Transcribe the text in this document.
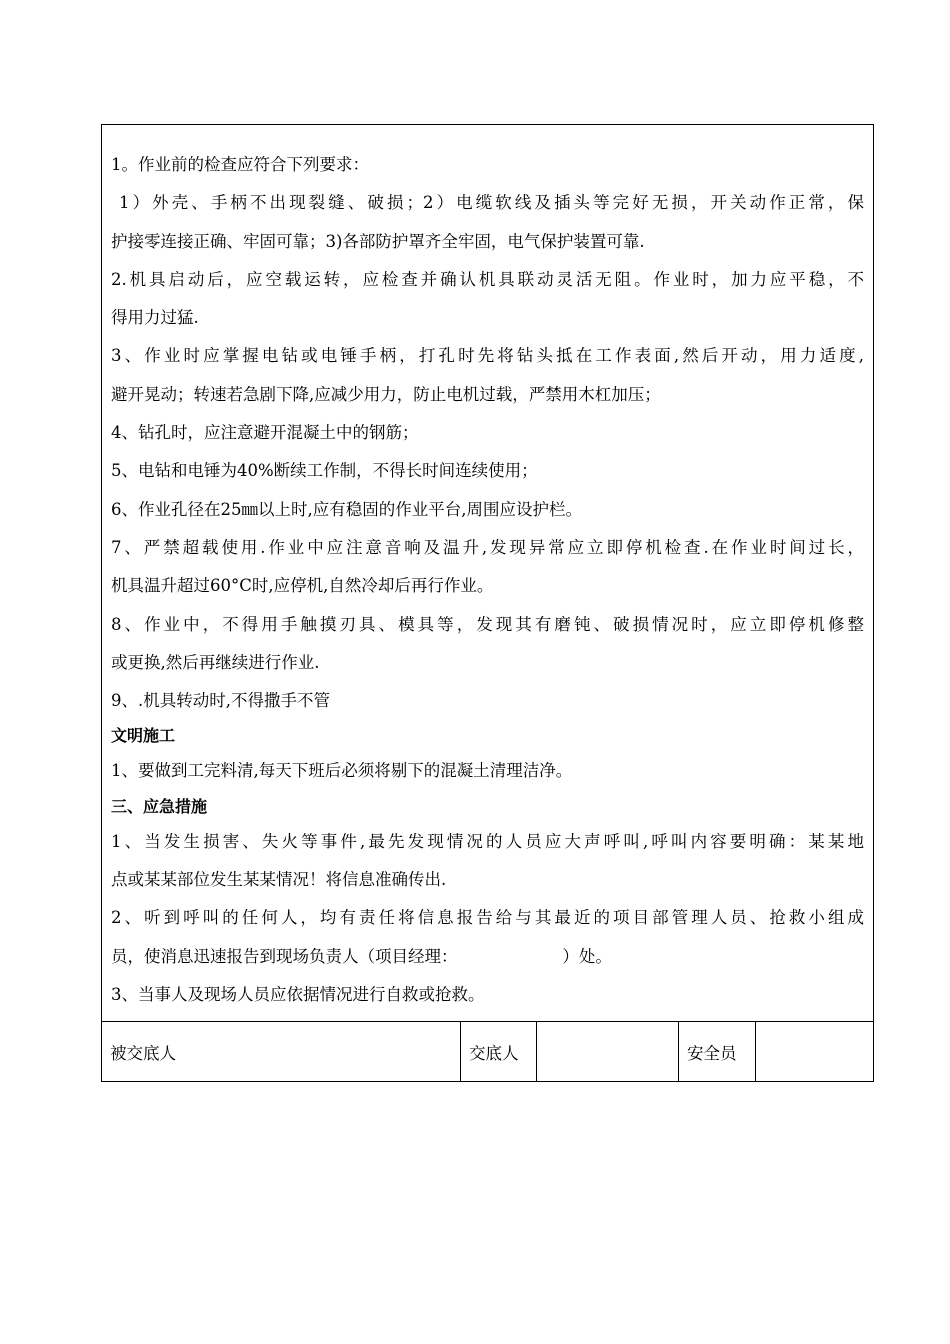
1。作业前的检查应符合下列要求：
1）外壳、手柄不出现裂缝、破损；2）电缆软线及插头等完好无损，开关动作正常，保
护接零连接正确、牢固可靠；3)各部防护罩齐全牢固，电气保护装置可靠.
2.机具启动后，应空载运转，应检查并确认机具联动灵活无阻。作业时，加力应平稳，不
得用力过猛.
3、作业时应掌握电钻或电锤手柄，打孔时先将钻头抵在工作表面,然后开动，用力适度,
避开晃动；转速若急剧下降,应减少用力，防止电机过载，严禁用木杠加压；
4、钻孔时，应注意避开混凝土中的钢筋；
5、电钻和电锤为40%断续工作制，不得长时间连续使用；
6、作业孔径在25㎜以上时,应有稳固的作业平台,周围应设护栏。
7、严禁超载使用.作业中应注意音响及温升,发现异常应立即停机检查.在作业时间过长，
机具温升超过60°C时,应停机,自然冷却后再行作业。
8、作业中，不得用手触摸刃具、模具等，发现其有磨钝、破损情况时，应立即停机修整
或更换,然后再继续进行作业.
9、.机具转动时,不得撒手不管
文明施工
1、要做到工完料清,每天下班后必须将剔下的混凝土清理洁净。
三、应急措施
1、当发生损害、失火等事件,最先发现情况的人员应大声呼叫,呼叫内容要明确：某某地
点或某某部位发生某某情况！将信息准确传出.
2、听到呼叫的任何人，均有责任将信息报告给与其最近的项目部管理人员、抢救小组成
员，使消息迅速报告到现场负责人（项目经理：                    ）处。
3、当事人及现场人员应依据情况进行自救或抢救。
被交底人	交底人	安全员
